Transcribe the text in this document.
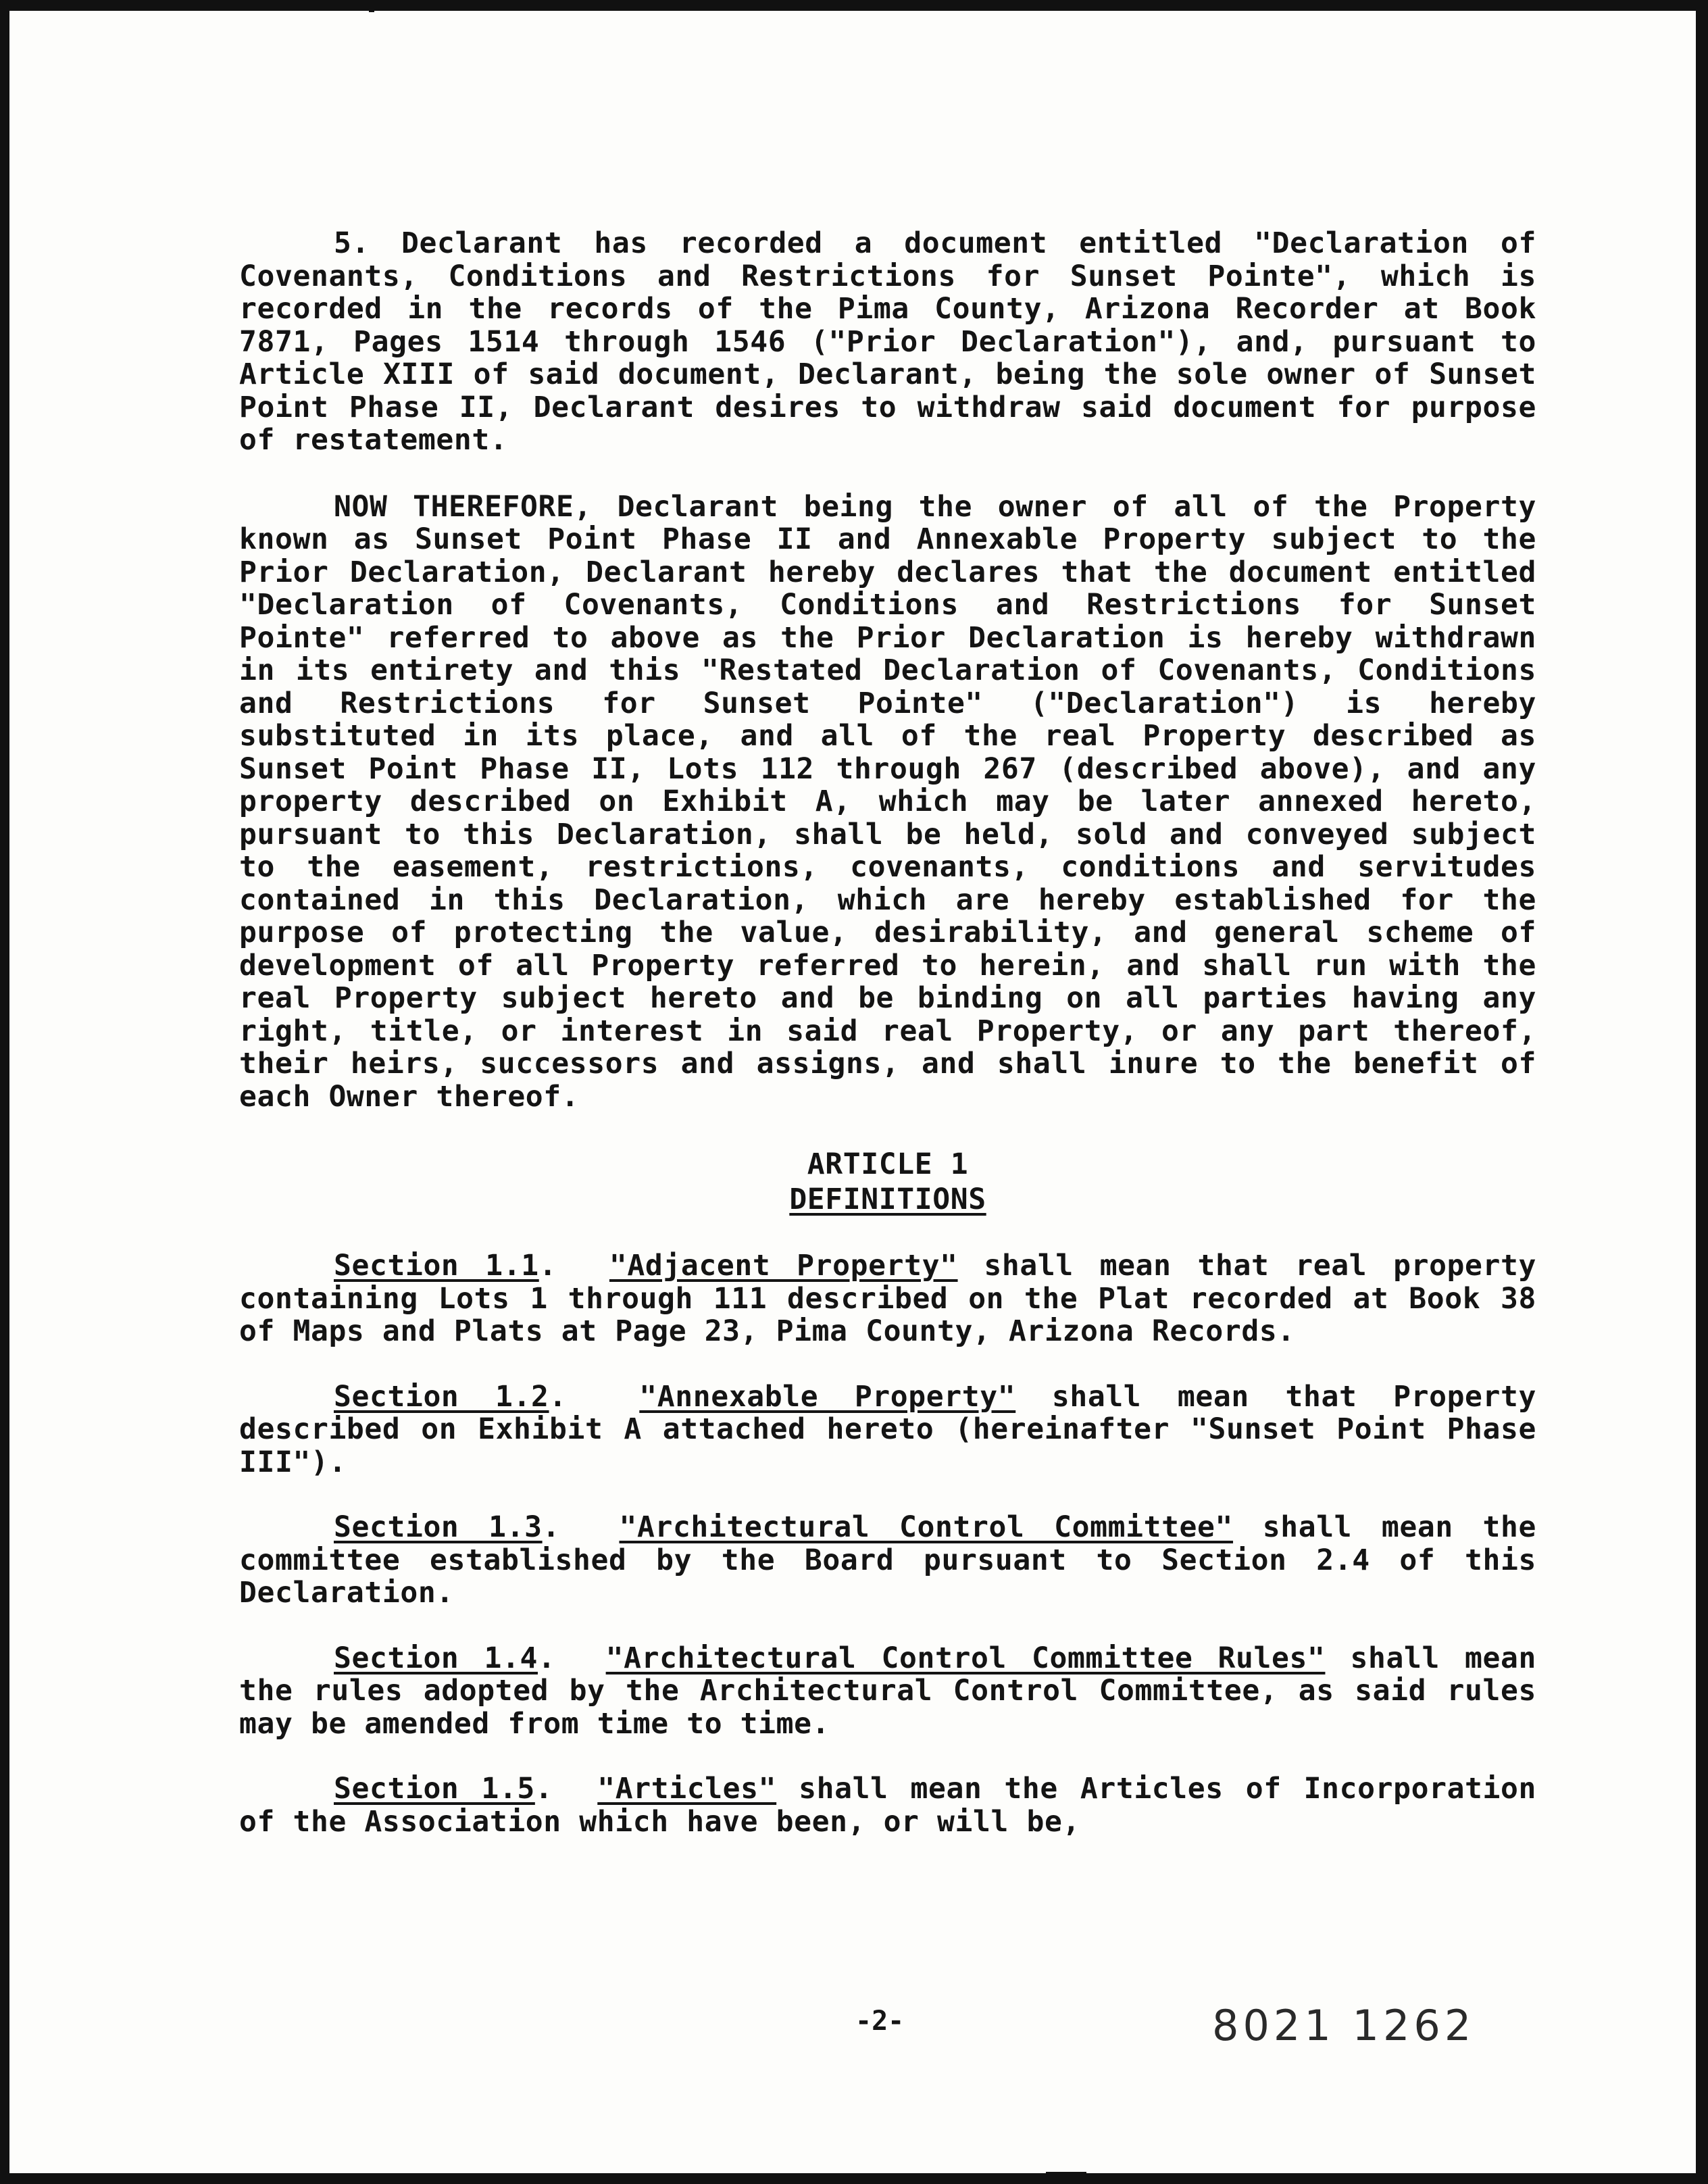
5. Declarant has recorded a document entitled "Declaration of Covenants, Conditions and Restrictions for Sunset Pointe", which is recorded in the records of the Pima County, Arizona Recorder at Book 7871, Pages 1514 through 1546 ("Prior Declaration"), and, pursuant to Article XIII of said document, Declarant, being the sole owner of Sunset Point Phase II, Declarant desires to withdraw said document for purpose of restatement.

NOW THEREFORE, Declarant being the owner of all of the Property known as Sunset Point Phase II and Annexable Property subject to the Prior Declaration, Declarant hereby declares that the document entitled "Declaration of Covenants, Conditions and Restrictions for Sunset Pointe" referred to above as the Prior Declaration is hereby withdrawn in its entirety and this "Restated Declaration of Covenants, Conditions and Restrictions for Sunset Pointe" ("Declaration") is hereby substituted in its place, and all of the real Property described as Sunset Point Phase II, Lots 112 through 267 (described above), and any property described on Exhibit A, which may be later annexed hereto, pursuant to this Declaration, shall be held, sold and conveyed subject to the easement, restrictions, covenants, conditions and servitudes contained in this Declaration, which are hereby established for the purpose of protecting the value, desirability, and general scheme of development of all Property referred to herein, and shall run with the real Property subject hereto and be binding on all parties having any right, title, or interest in said real Property, or any part thereof, their heirs, successors and assigns, and shall inure to the benefit of each Owner thereof.

ARTICLE 1
DEFINITIONS

Section 1.1.  "Adjacent Property" shall mean that real property containing Lots 1 through 111 described on the Plat recorded at Book 38 of Maps and Plats at Page 23, Pima County, Arizona Records.

Section 1.2.  "Annexable Property" shall mean that Property described on Exhibit A attached hereto (hereinafter "Sunset Point Phase III").

Section 1.3.  "Architectural Control Committee" shall mean the committee established by the Board pursuant to Section 2.4 of this Declaration.

Section 1.4.  "Architectural Control Committee Rules" shall mean the rules adopted by the Architectural Control Committee, as said rules may be amended from time to time.

Section 1.5.  "Articles" shall mean the Articles of Incorporation of the Association which have been, or will be,

-2-	8021 1262
